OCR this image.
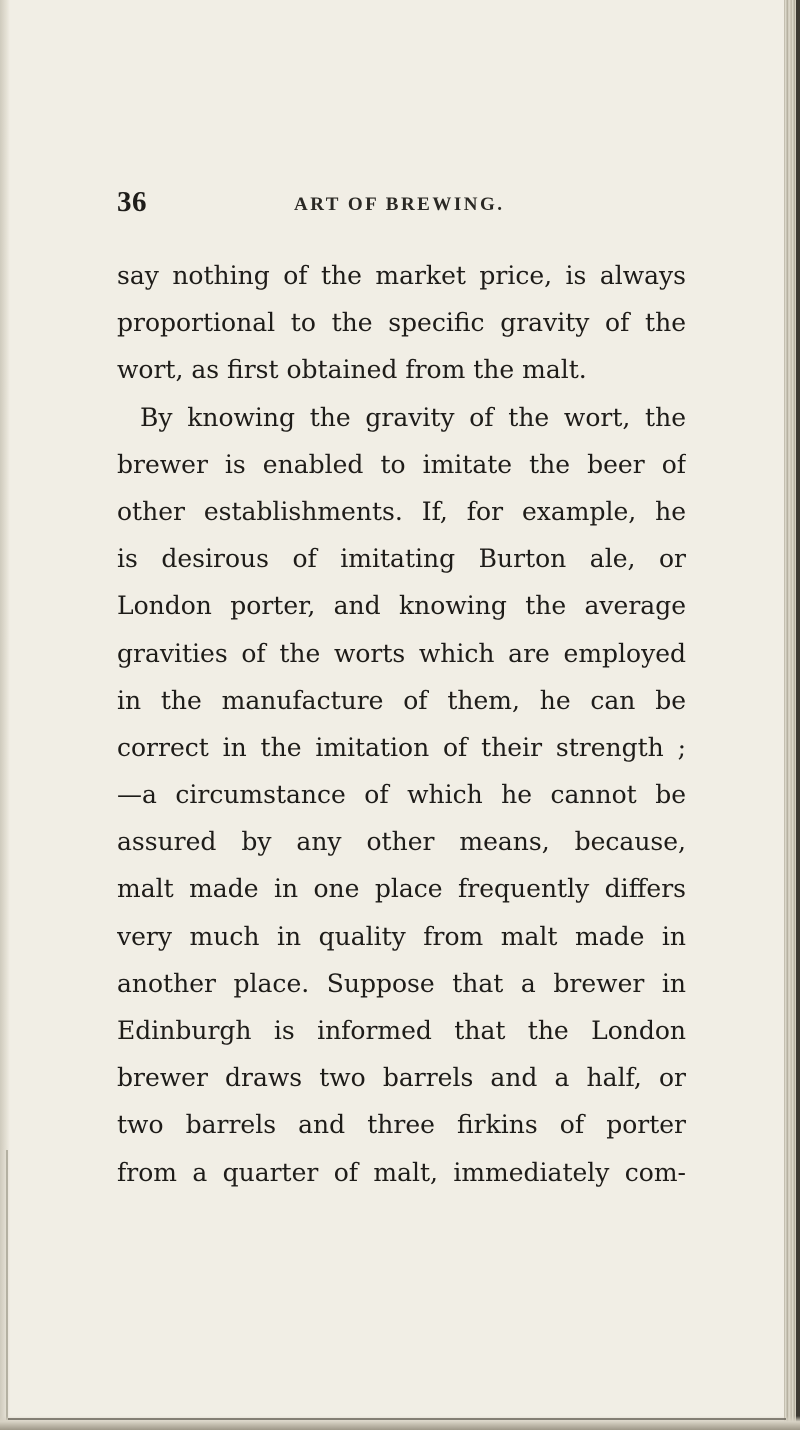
36	ART OF BREWING.
say nothing of the market price, is always
proportional to the specific gravity of the
wort, as first obtained from the malt.
By knowing the gravity of the wort, the
brewer is enabled to imitate the beer of
other establishments. If, for example, he
is desirous of imitating Burton ale, or
London porter, and knowing the average
gravities of the worts which are employed
in the manufacture of them, he can be
correct in the imitation of their strength ;
—a circumstance of which he cannot be
assured by any other means, because,
malt made in one place frequently differs
very much in quality from malt made in
another place. Suppose that a brewer in
Edinburgh is informed that the London
brewer draws two barrels and a half, or
two barrels and three firkins of porter
from a quarter of malt, immediately com-
